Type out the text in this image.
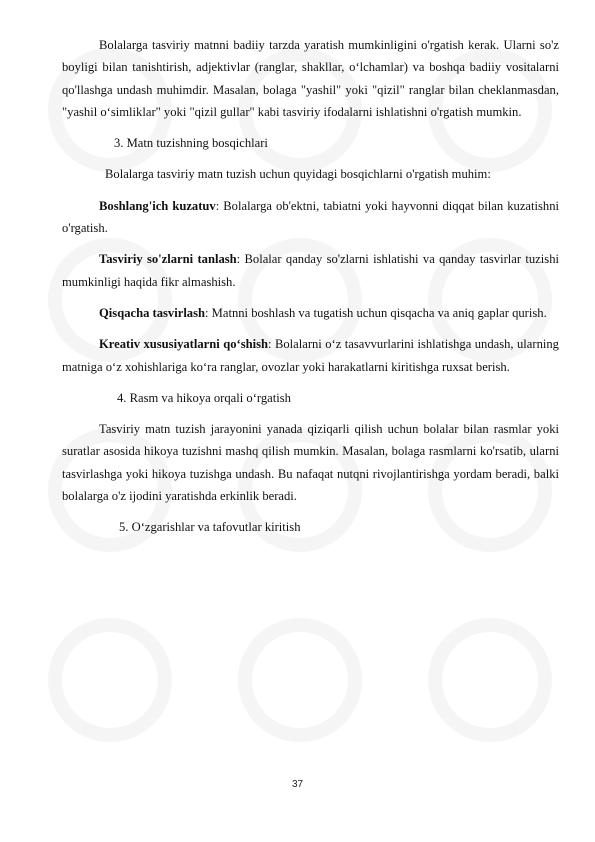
Bolalarga tasviriy matnni badiiy tarzda yaratish mumkinligini o'rgatish kerak. Ularni so'z boyligi bilan tanishtirish, adjektivlar (ranglar, shakllar, o‘lchamlar) va boshqa badiiy vositalarni qo'llashga undash muhimdir. Masalan, bolaga "yashil" yoki "qizil" ranglar bilan cheklanmasdan, "yashil o‘simliklar" yoki "qizil gullar" kabi tasviriy ifodalarni ishlatishni o'rgatish mumkin.

3. Matn tuzishning bosqichlari

Bolalarga tasviriy matn tuzish uchun quyidagi bosqichlarni o'rgatish muhim:

Boshlang'ich kuzatuv: Bolalarga ob'ektni, tabiatni yoki hayvonni diqqat bilan kuzatishni o'rgatish.

Tasviriy so'zlarni tanlash: Bolalar qanday so'zlarni ishlatishi va qanday tasvirlar tuzishi mumkinligi haqida fikr almashish.

Qisqacha tasvirlash: Matnni boshlash va tugatish uchun qisqacha va aniq gaplar qurish.

Kreativ xususiyatlarni qo‘shish: Bolalarni o‘z tasavvurlarini ishlatishga undash, ularning matniga o‘z xohishlariga ko‘ra ranglar, ovozlar yoki harakatlarni kiritishga ruxsat berish.

4. Rasm va hikoya orqali o‘rgatish

Tasviriy matn tuzish jarayonini yanada qiziqarli qilish uchun bolalar bilan rasmlar yoki suratlar asosida hikoya tuzishni mashq qilish mumkin. Masalan, bolaga rasmlarni ko'rsatib, ularni tasvirlashga yoki hikoya tuzishga undash. Bu nafaqat nutqni rivojlantirishga yordam beradi, balki bolalarga o'z ijodini yaratishda erkinlik beradi.

5. O‘zgarishlar va tafovutlar kiritish

37
